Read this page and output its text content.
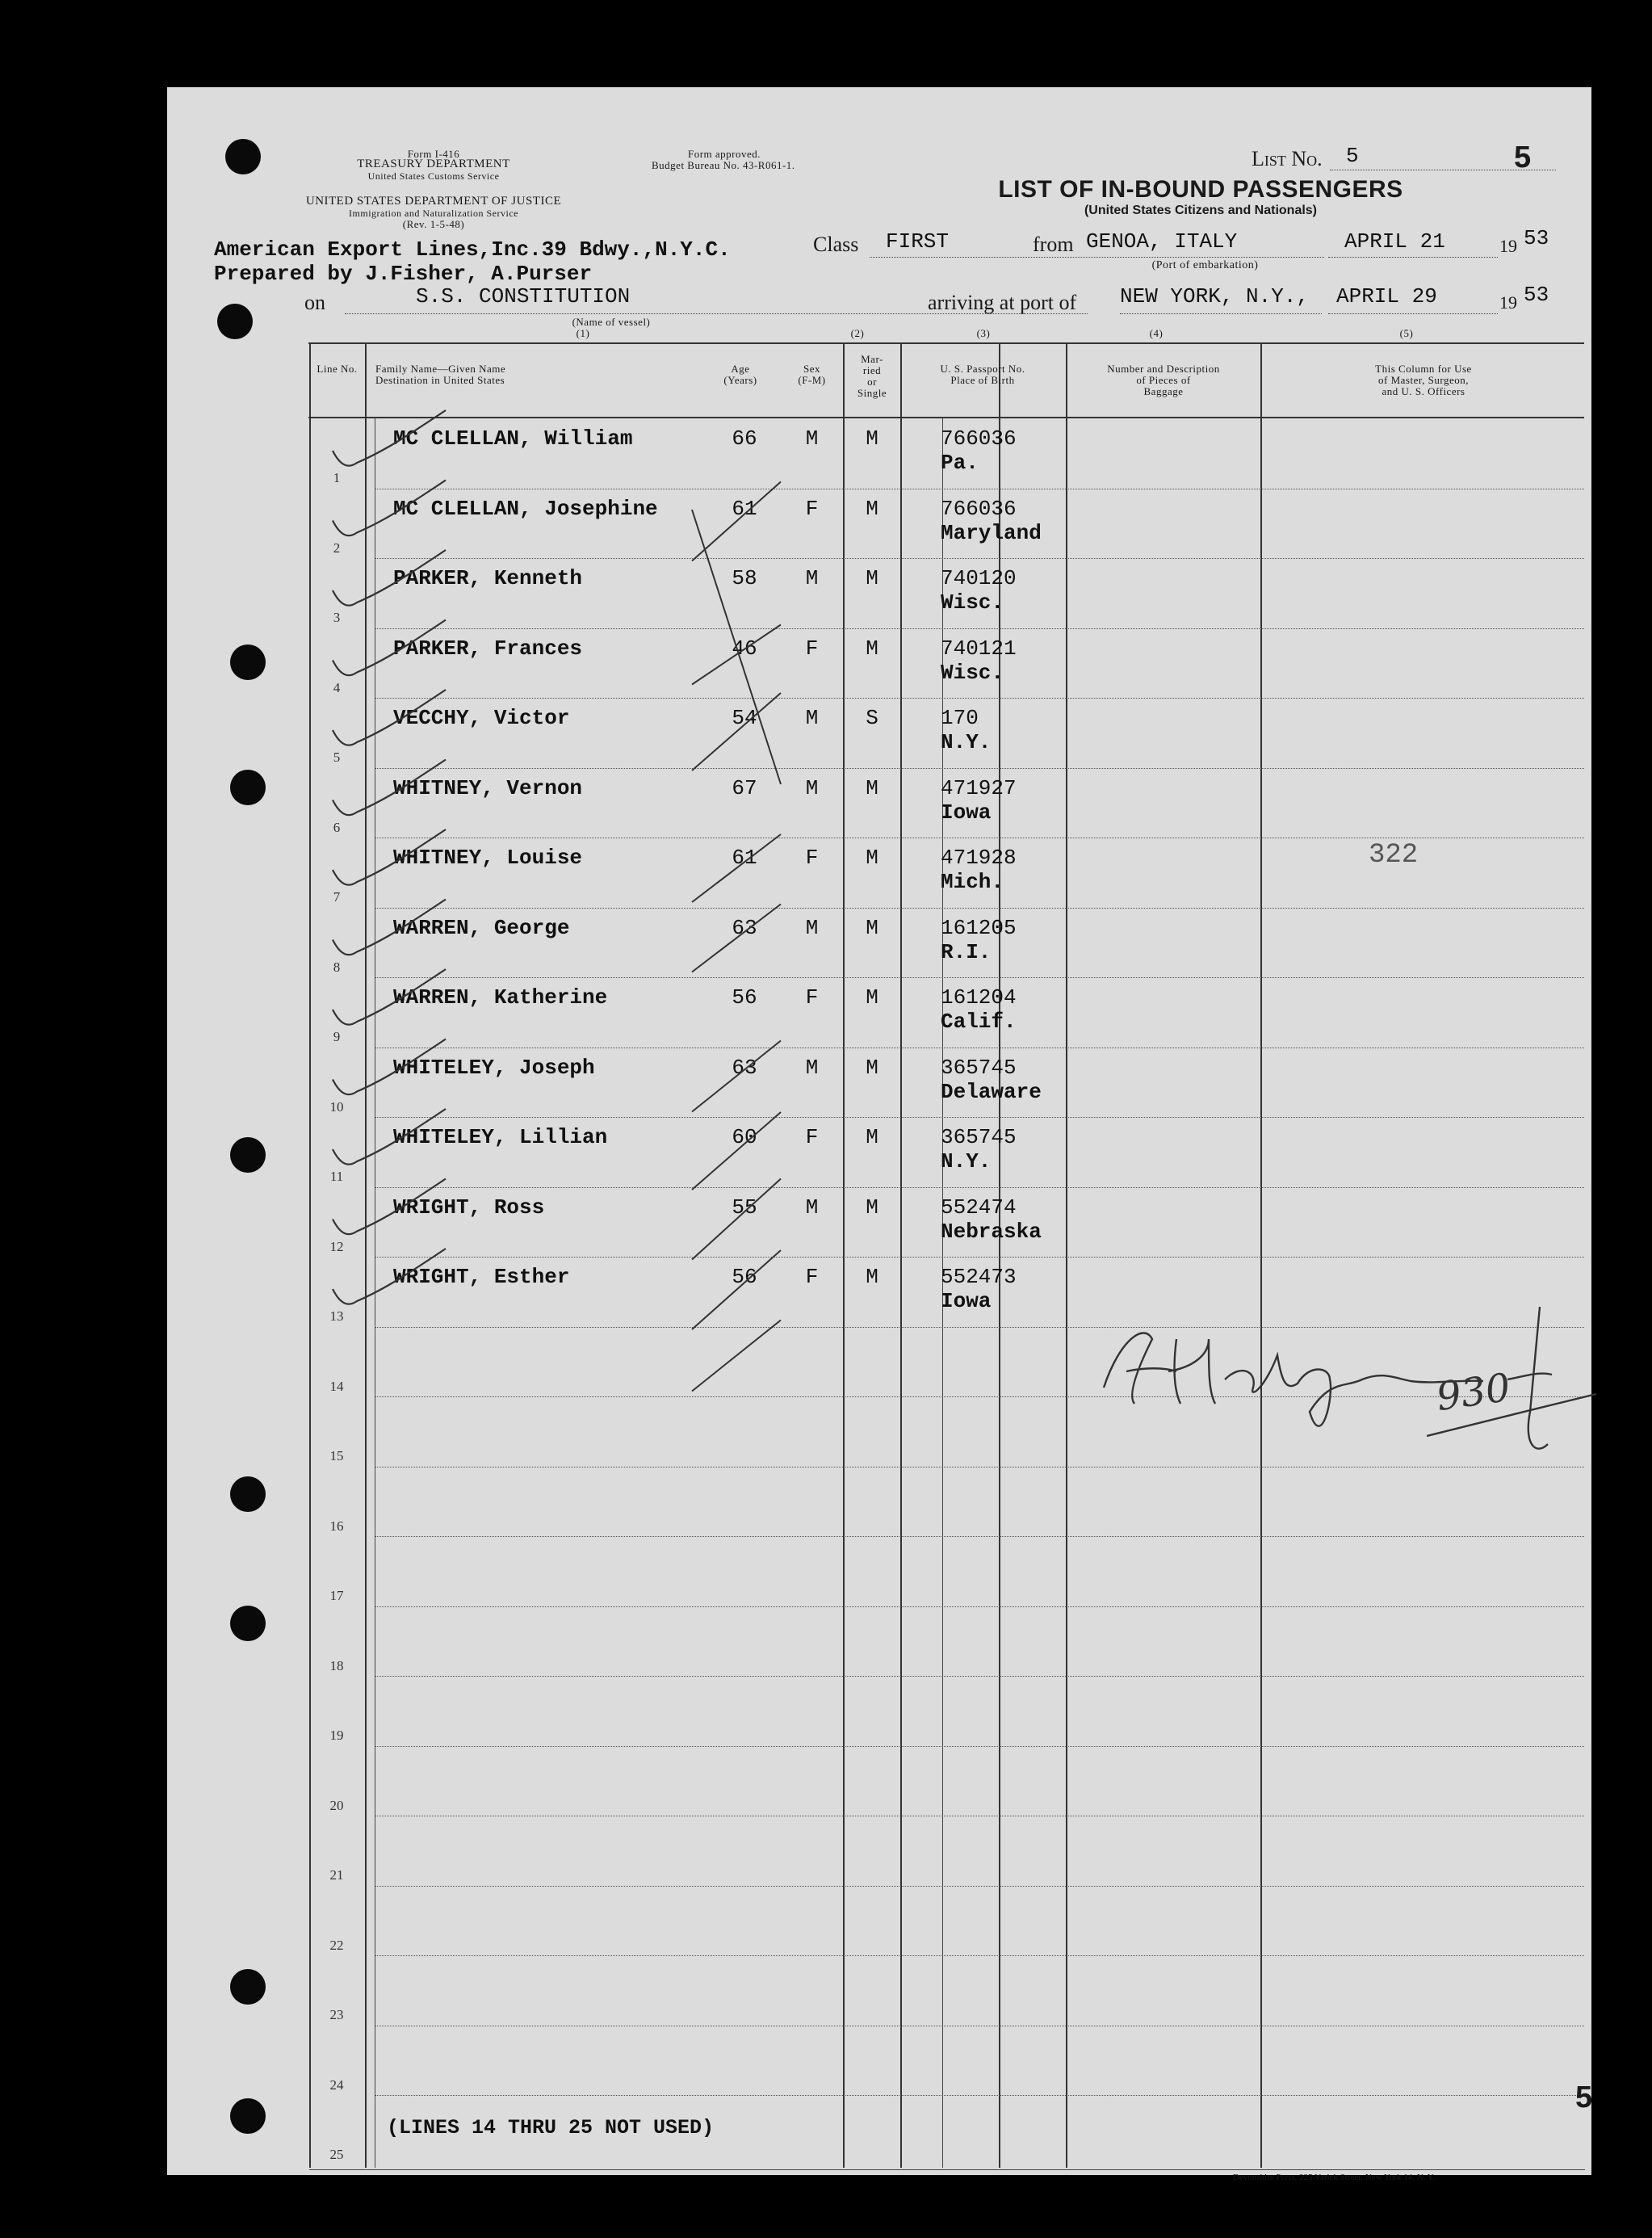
Form I-416
TREASURY DEPARTMENT
United States Customs Service
UNITED STATES DEPARTMENT OF JUSTICE
Immigration and Naturalization Service
(Rev. 1-5-48)
Form approved.
Budget Bureau No. 43-R061-1.	List No. 5	5
LIST OF IN-BOUND PASSENGERS
(United States Citizens and Nationals)
American Export Lines,Inc.39 Bdwy.,N.Y.C.
Prepared by J.Fisher, A.Purser
Class FIRST	from GENOA, ITALY
(Port of embarkation)
APRIL 21	19 53
on	S.S. CONSTITUTION
(Name of vessel)
arriving at port of NEW YORK, N.Y., APRIL 29	19 53
(1)	(2)	(3)	(4)	(5)
Line No.	Family Name—Given Name
Destination in United States
Age
(Years)
Sex
(F-M)
Mar-
ried
or
Single
U. S. Passport No.
Place of Birth
Number and Description
of Pieces of
Baggage
This Column for Use
of Master, Surgeon,
and U. S. Officers
1
MC CLELLAN, William	66	M	M	766036
Pa.
2
MC CLELLAN, Josephine	61	F	M	766036
Maryland
3
PARKER, Kenneth	58	M	M	740120
Wisc.
4
PARKER, Frances	46	F	M	740121
Wisc.
5
VECCHY, Victor	54	M	S	170
N.Y.
6
WHITNEY, Vernon	67	M	M	471927
Iowa
7
WHITNEY, Louise	61	F	M	471928
Mich.
8
WARREN, George	63	M	M	161205
R.I.
9
WARREN, Katherine	56	F	M	161204
Calif.
10
WHITELEY, Joseph	63	M	M	365745
Delaware
11
WHITELEY, Lillian	60	F	M	365745
N.Y.
12
WRIGHT, Ross	55	M	M	552474
Nebraska
13
WRIGHT, Esther	56	F	M	552473
Iowa
14
15
16
17
18
19
20
21
22
23
24
25
322
(LINES 14 THRU 25 NOT USED)
5
Devonshire Press, 225 Varick Street, New York 14, N. Y.
930
